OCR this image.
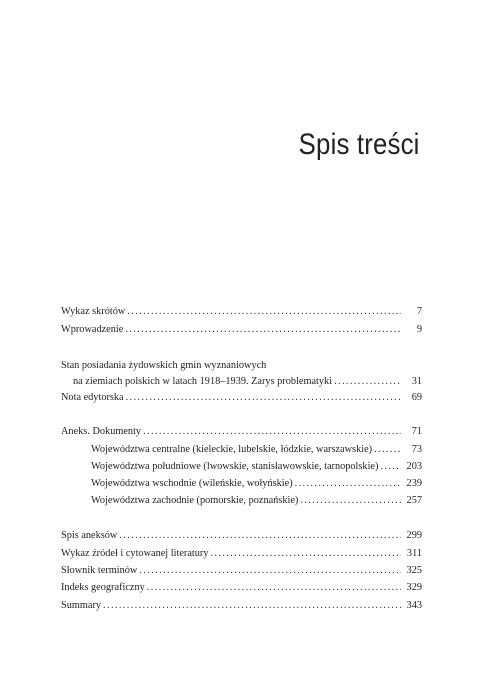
Spis treści
Wykaz skrótów . . .	7
Wprowadzenie . . .	9
Stan posiadania żydowskich gmin wyznaniowych
na ziemiach polskich w latach 1918–1939. Zarys problematyki . . .	31
Nota edytorska . . .	69
Aneks. Dokumenty . . .	71
Województwa centralne (kieleckie, lubelskie, łódzkie, warszawskie) . . .	73
Województwa południowe (lwowskie, stanisławowskie, tarnopolskie) . . .	203
Województwa wschodnie (wileńskie, wołyńskie) . . .	239
Województwa zachodnie (pomorskie, poznańskie) . . .	257
Spis aneksów . . .	299
Wykaz źródeł i cytowanej literatury . . .	311
Słownik terminów . . .	325
Indeks geograficzny . . .	329
Summary . . .	343
